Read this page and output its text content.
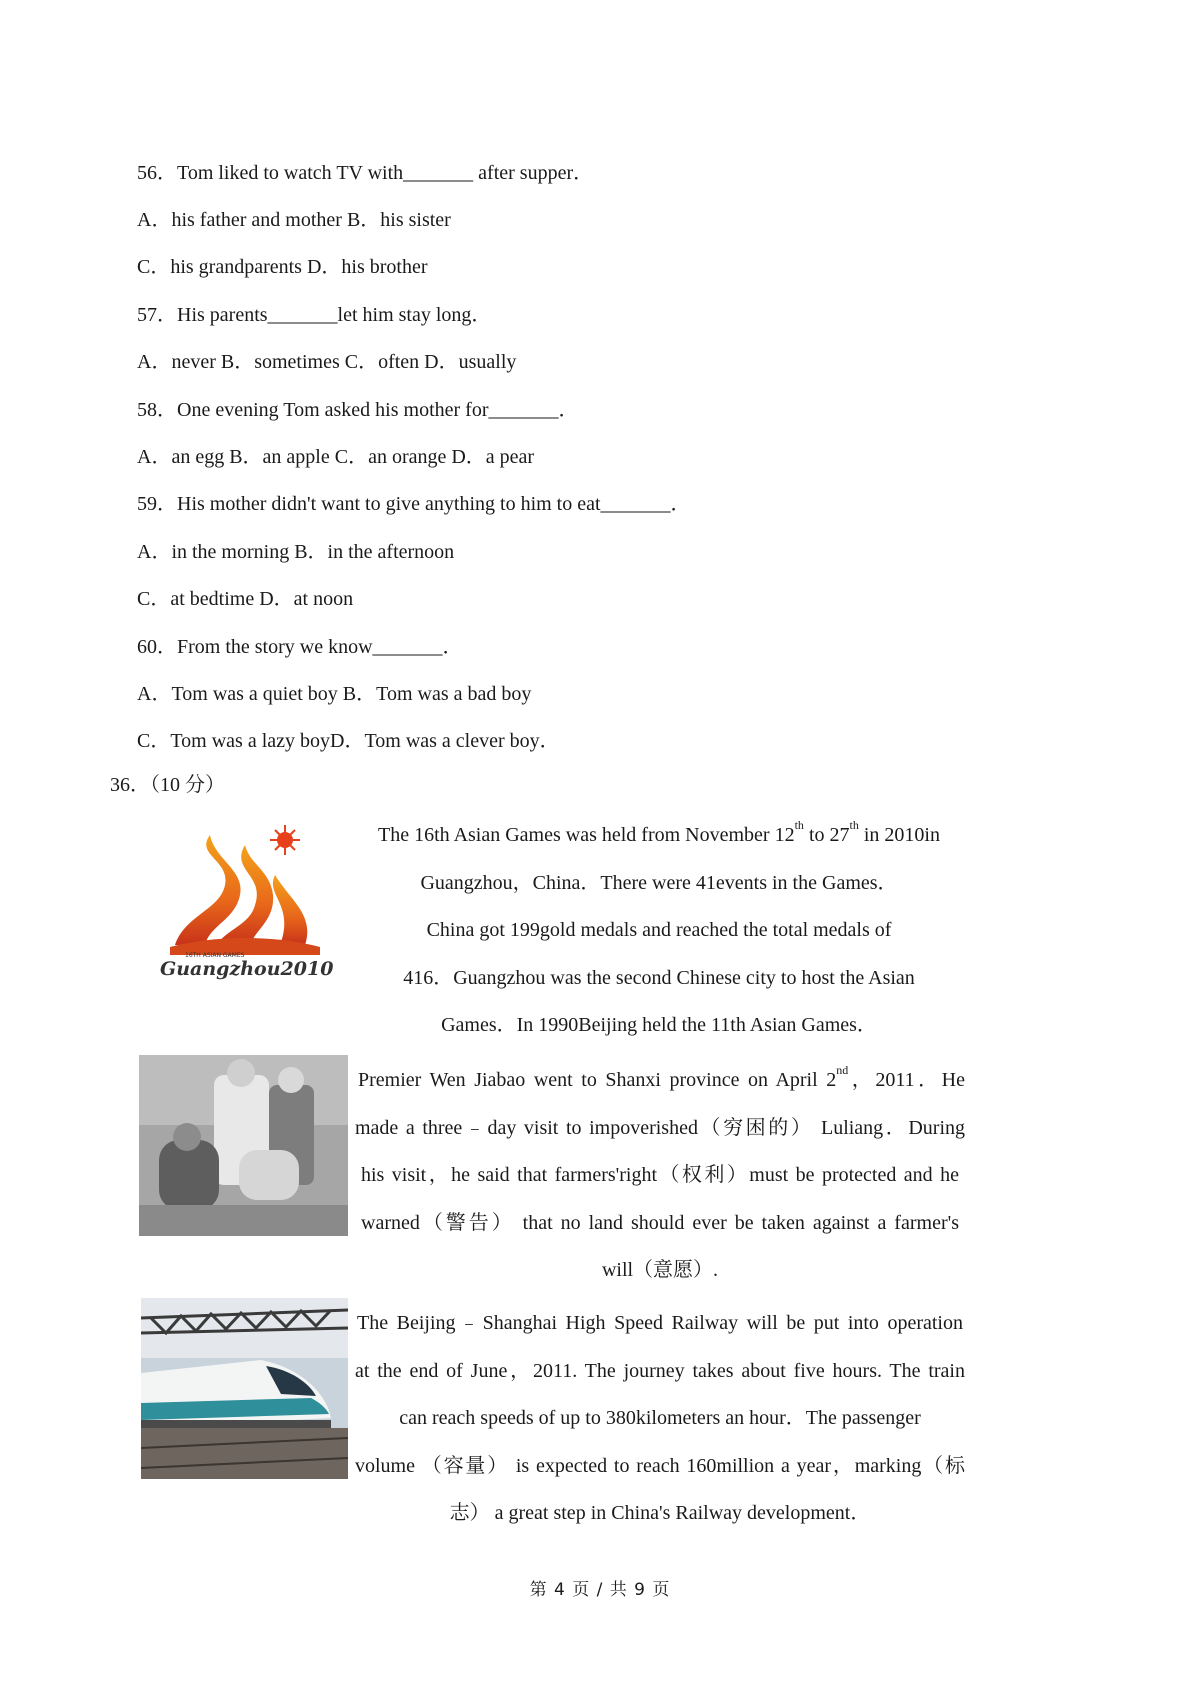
56．Tom liked to watch TV with_______ after supper．
A．his father and mother B．his sister
C．his grandparents D．his brother
57．His parents_______let him stay long．
A．never B．sometimes C．often D．usually
58．One evening Tom asked his mother for_______．
A．an egg B．an apple C．an orange D．a pear
59．His mother didn't want to give anything to him to eat_______．
A．in the morning B．in the afternoon
C．at bedtime D．at noon
60．From the story we know_______．
A．Tom was a quiet boy B．Tom was a bad boy
C．Tom was a lazy boyD．Tom was a clever boy．
36．（10 分）
16TH ASIAN GAMES
Guangzhou2010
The 16th Asian Games was held from November 12th to 27th in 2010in
Guangzhou，China．There were 41events in the Games．
China got 199gold medals and reached the total medals of
416．Guangzhou was the second Chinese city to host the Asian
Games．In 1990Beijing held the 11th Asian Games．
Premier Wen Jiabao went to Shanxi province on April 2nd，2011．He
made a three﹣day visit to impoverished（穷困的） Luliang．During
his visit，he said that farmers'right（权利）must be protected and he
warned（警告） that no land should ever be taken against a farmer's
will（意愿）.
The Beijing﹣Shanghai High Speed Railway will be put into operation
at the end of June，2011. The journey takes about five hours. The train
can reach speeds of up to 380kilometers an hour．The passenger
volume （容量） is expected to reach 160million a year，marking（标
志） a great step in China's Railway development．
第 4 页 / 共 9 页
